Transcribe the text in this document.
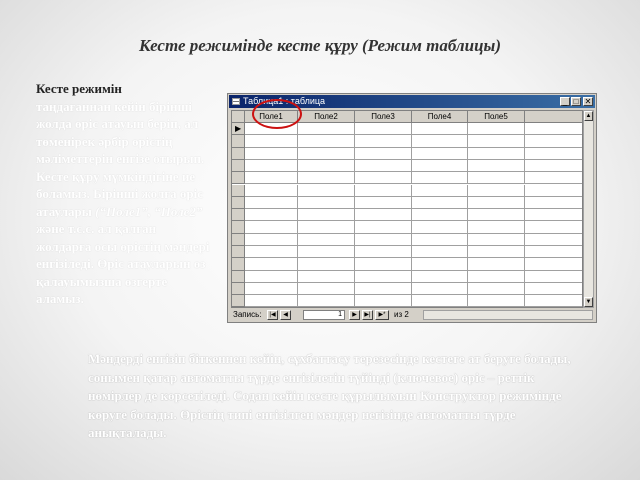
Кесте режимінде кесте құру (Режим таблицы)
Кесте режимін
таңдағаннан кейін бірінші жолда өріс атауын беріп, ал төменірек әрбір өрістің мәліметтерін енгізе отырып. Кесте құру мүмкіндігіне ие боламыз. Бірінші жолға өріс атаулары (“Поле1”, “Поле2” және т.с.с. ал қалған жолдарға осы өрістің мәндері енгізіледі. Өріс атауларын өз қалауымызша өзгерте аламыз.
Таблица1 : таблица	_ □ ✕
Поле1	Поле2	Поле3	Поле4	Поле5
▶
▲
▼
Запись:	|◀	◀	1	▶	▶|	▶*	из 2
Мәндерді енгізіп біткеннен кейін, сұхбаттасу терезесінде кестеге ат беруге болады, сонымен қатар автоматты түрде енгізілетін түйінді (ключевое) өріс – реттік нөмірлер де көрсетіледі. Содан кейін кесте құрылымын Конструктор режимінде көруге болады. Өрістің типі енгізілген мәндер негізінде автоматты түрде анықталады.
